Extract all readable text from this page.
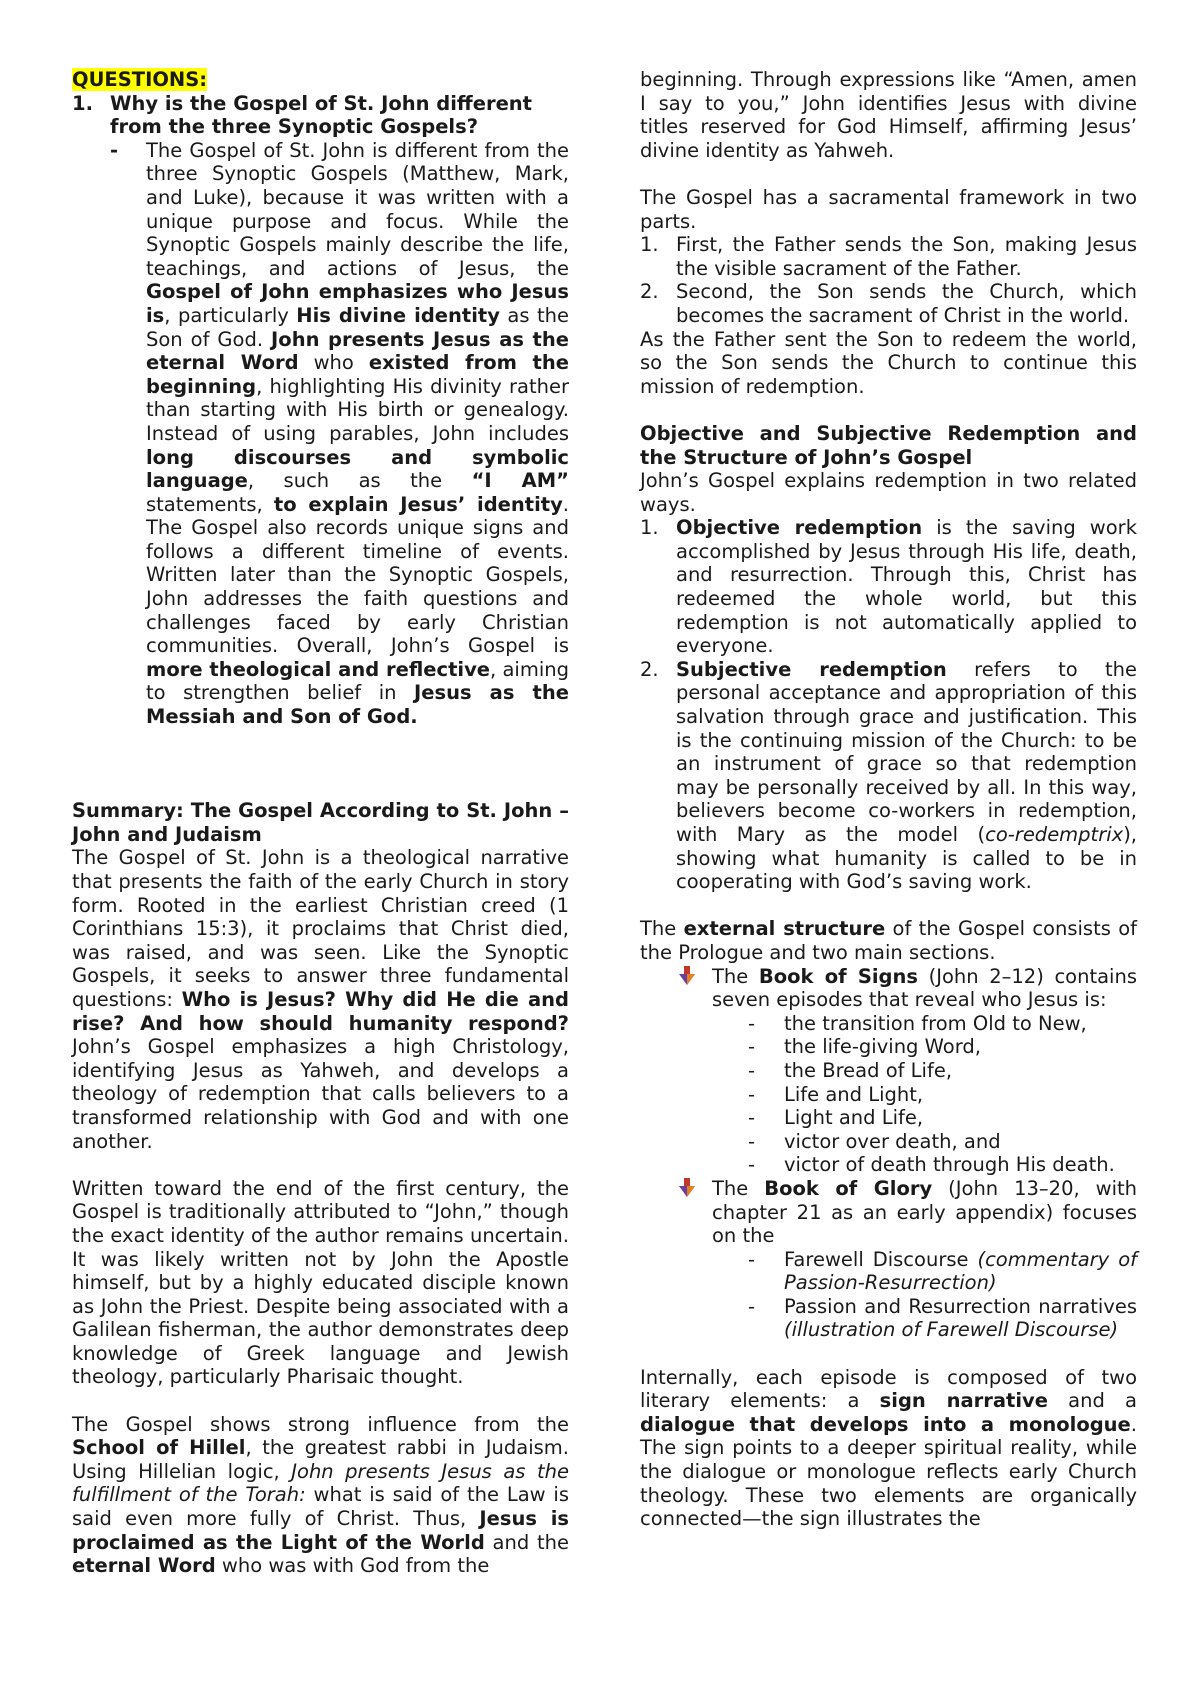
QUESTIONS:
1. Why is the Gospel of St. John different from the three Synoptic Gospels?
-	The Gospel of St. John is different from the three Synoptic Gospels (Matthew, Mark, and Luke), because it was written with a unique purpose and focus. While the Synoptic Gospels mainly describe the life, teachings, and actions of Jesus, the Gospel of John emphasizes who Jesus is, particularly His divine identity as the Son of God. John presents Jesus as the eternal Word who existed from the beginning, highlighting His divinity rather than starting with His birth or genealogy. Instead of using parables, John includes long discourses and symbolic language, such as the “I AM” statements, to explain Jesus’ identity. The Gospel also records unique signs and follows a different timeline of events. Written later than the Synoptic Gospels, John addresses the faith questions and challenges faced by early Christian communities. Overall, John’s Gospel is more theological and reflective, aiming to strengthen belief in Jesus as the Messiah and Son of God.

Summary: The Gospel According to St. John – John and Judaism

The Gospel of St. John is a theological narrative that presents the faith of the early Church in story form. Rooted in the earliest Christian creed (1 Corinthians 15:3), it proclaims that Christ died, was raised, and was seen. Like the Synoptic Gospels, it seeks to answer three fundamental questions: Who is Jesus? Why did He die and rise? And how should humanity respond? John’s Gospel emphasizes a high Christology, identifying Jesus as Yahweh, and develops a theology of redemption that calls believers to a transformed relationship with God and with one another.

Written toward the end of the first century, the Gospel is traditionally attributed to “John,” though the exact identity of the author remains uncertain. It was likely written not by John the Apostle himself, but by a highly educated disciple known as John the Priest. Despite being associated with a Galilean fisherman, the author demonstrates deep knowledge of Greek language and Jewish theology, particularly Pharisaic thought.

The Gospel shows strong influence from the School of Hillel, the greatest rabbi in Judaism. Using Hillelian logic, John presents Jesus as the fulfillment of the Torah: what is said of the Law is said even more fully of Christ. Thus, Jesus is proclaimed as the Light of the World and the eternal Word who was with God from the

beginning. Through expressions like “Amen, amen I say to you,” John identifies Jesus with divine titles reserved for God Himself, affirming Jesus’ divine identity as Yahweh.

The Gospel has a sacramental framework in two parts.

1. First, the Father sends the Son, making Jesus the visible sacrament of the Father.
2. Second, the Son sends the Church, which becomes the sacrament of Christ in the world.

As the Father sent the Son to redeem the world, so the Son sends the Church to continue this mission of redemption.

Objective and Subjective Redemption and the Structure of John’s Gospel

John’s Gospel explains redemption in two related ways.

1. Objective redemption is the saving work accomplished by Jesus through His life, death, and resurrection. Through this, Christ has redeemed the whole world, but this redemption is not automatically applied to everyone.
2. Subjective redemption refers to the personal acceptance and appropriation of this salvation through grace and justification. This is the continuing mission of the Church: to be an instrument of grace so that redemption may be personally received by all. In this way, believers become co-workers in redemption, with Mary as the model (co-redemptrix), showing what humanity is called to be in cooperating with God’s saving work.

The external structure of the Gospel consists of the Prologue and two main sections.

The Book of Signs (John 2–12) contains seven episodes that reveal who Jesus is:
-	the transition from Old to New,
-	the life-giving Word,
-	the Bread of Life,
-	Life and Light,
-	Light and Life,
-	victor over death, and
-	victor of death through His death.
The Book of Glory (John 13–20, with chapter 21 as an early appendix) focuses on the
-	Farewell Discourse (commentary of Passion-Resurrection)
-	Passion and Resurrection narratives (illustration of Farewell Discourse)

Internally, each episode is composed of two literary elements: a sign narrative and a dialogue that develops into a monologue. The sign points to a deeper spiritual reality, while the dialogue or monologue reflects early Church theology. These two elements are organically connected—the sign illustrates the
